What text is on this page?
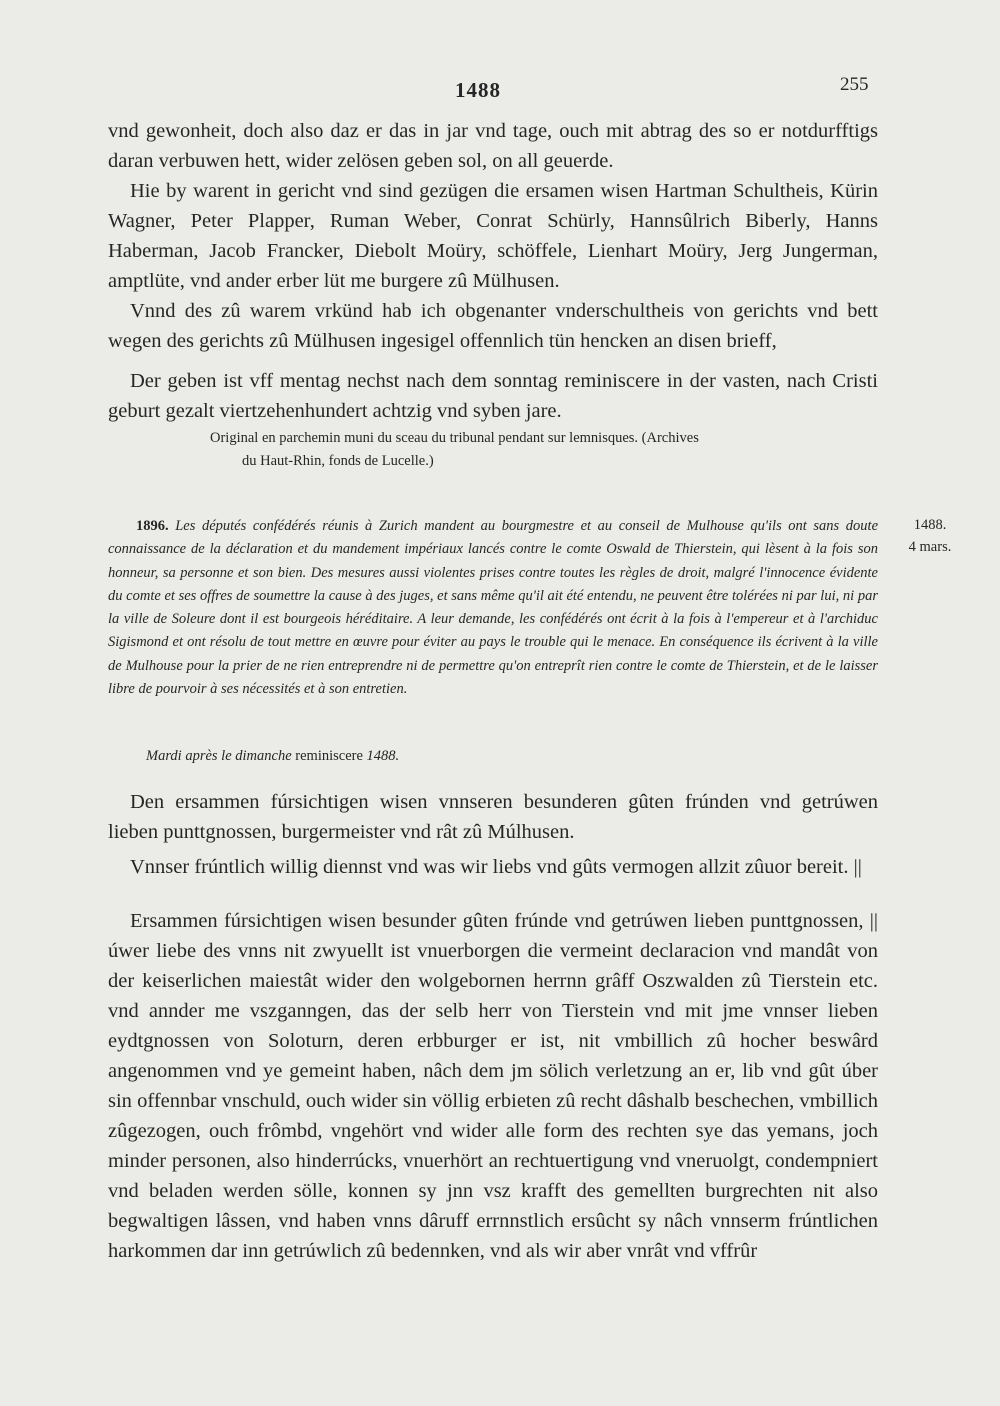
1488	255
vnd gewonheit, doch also daz er das in jar vnd tage, ouch mit abtrag des so er notdurfftigs daran verbuwen hett, wider zelösen geben sol, on all geuerde.
Hie by warent in gericht vnd sind gezügen die ersamen wisen Hartman Schultheis, Kürin Wagner, Peter Plapper, Ruman Weber, Conrat Schürly, Hannsûlrich Biberly, Hanns Haberman, Jacob Francker, Diebolt Moüry, schöffele, Lienhart Moüry, Jerg Jungerman, amptlüte, vnd ander erber lüt me burgere zû Mülhusen.
Vnnd des zû warem vrkünd hab ich obgenanter vnderschultheis von gerichts vnd bett wegen des gerichts zû Mülhusen ingesigel offennlich tün hencken an disen brieff,
Der geben ist vff mentag nechst nach dem sonntag reminiscere in der vasten, nach Cristi geburt gezalt viertzehenhundert achtzig vnd syben jare.
Original en parchemin muni du sceau du tribunal pendant sur lemnisques. (Archives
du Haut-Rhin, fonds de Lucelle.)
1896. Les députés confédérés réunis à Zurich mandent au bourgmestre et au conseil de Mulhouse qu'ils ont sans doute connaissance de la déclaration et du mandement impériaux lancés contre le comte Oswald de Thierstein, qui lèsent à la fois son honneur, sa personne et son bien. Des mesures aussi violentes prises contre toutes les règles de droit, malgré l'innocence évidente du comte et ses offres de soumettre la cause à des juges, et sans même qu'il ait été entendu, ne peuvent être tolérées ni par lui, ni par la ville de Soleure dont il est bourgeois héréditaire. A leur demande, les confédérés ont écrit à la fois à l'empereur et à l'archiduc Sigismond et ont résolu de tout mettre en œuvre pour éviter au pays le trouble qui le menace. En conséquence ils écrivent à la ville de Mulhouse pour la prier de ne rien entreprendre ni de permettre qu'on entreprît rien contre le comte de Thierstein, et de le laisser libre de pourvoir à ses nécessités et à son entretien.
Mardi après le dimanche reminiscere 1488.
1488.
4 mars.
Den ersammen fúrsichtigen wisen vnnseren besunderen gûten frúnden vnd getrúwen lieben punttgnossen, burgermeister vnd rât zû Múlhusen.
Vnnser frúntlich willig diennst vnd was wir liebs vnd gûts vermogen allzit zûuor bereit. ||
Ersammen fúrsichtigen wisen besunder gûten frúnde vnd getrúwen lieben punttgnossen, || úwer liebe des vnns nit zwyuellt ist vnuerborgen die vermeint declaracion vnd mandât von der keiserlichen maiestât wider den wolgebornen herrnn grâff Oszwalden zû Tierstein etc. vnd annder me vszganngen, das der selb herr von Tierstein vnd mit jme vnnser lieben eydtgnossen von Soloturn, deren erbburger er ist, nit vmbillich zû hocher beswârd angenommen vnd ye gemeint haben, nâch dem jm sölich verletzung an er, lib vnd gût úber sin offennbar vnschuld, ouch wider sin völlig erbieten zû recht dâshalb beschechen, vmbillich zûgezogen, ouch frômbd, vngehört vnd wider alle form des rechten sye das yemans, joch minder personen, also hinderrúcks, vnuerhört an rechtuertigung vnd vneruolgt, condempniert vnd beladen werden sölle, konnen sy jnn vsz krafft des gemellten burgrechten nit also begwaltigen lâssen, vnd haben vnns dâruff errnnstlich ersûcht sy nâch vnnserm frúntlichen harkommen dar inn getrúwlich zû bedennken, vnd als wir aber vnrât vnd vffrûr
